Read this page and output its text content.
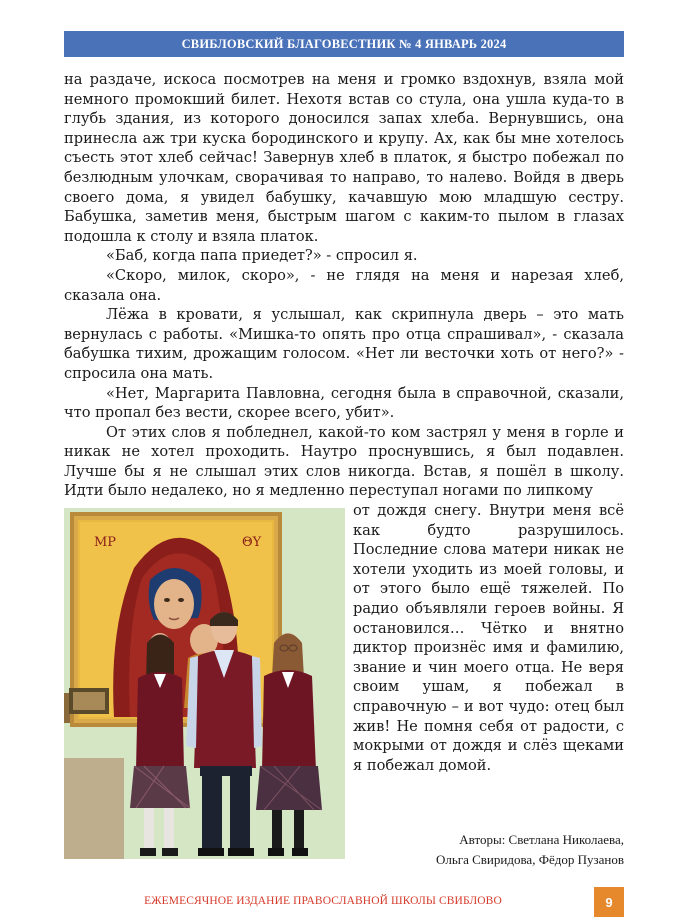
СВИБЛОВСКИЙ БЛАГОВЕСТНИК № 4 ЯНВАРЬ 2024

на раздаче, искоса посмотрев на меня и громко вздохнув, взяла мой немного промокший билет. Нехотя встав со стула, она ушла куда-то в глубь здания, из которого доносился запах хлеба. Вернувшись, она принесла аж три куска бородинского и крупу. Ах, как бы мне хотелось съесть этот хлеб сейчас! Завернув хлеб в платок, я быстро побежал по безлюдным улочкам, сворачивая то направо, то налево. Войдя в дверь своего дома, я увидел бабушку, качавшую мою младшую сестру. Бабушка, заметив меня, быстрым шагом с каким-то пылом в глазах подошла к столу и взяла платок.

«Баб, когда папа приедет?» - спросил я.

«Скоро, милок, скоро», - не глядя на меня и нарезая хлеб, сказала она.

Лёжа в кровати, я услышал, как скрипнула дверь – это мать вернулась с работы. «Мишка-то опять про отца спрашивал», - сказала бабушка тихим, дрожащим голосом. «Нет ли весточки хоть от него?» - спросила она мать.

«Нет, Маргарита Павловна, сегодня была в справочной, сказали, что пропал без вести, скорее всего, убит».

От этих слов я побледнел, какой-то ком застрял у меня в горле и никак не хотел проходить. Наутро проснувшись, я был подавлен. Лучше бы я не слышал этих слов никогда. Встав, я пошёл в школу. Идти было недалеко, но я медленно переступал ногами по липкому

MP	ΘΥ

от дождя снегу. Внутри меня всё как будто разрушилось. Последние слова матери никак не хотели уходить из моей головы, и от этого было ещё тяжелей. По радио объявляли героев войны. Я остановился… Чётко и внятно диктор произнёс имя и фамилию, звание и чин моего отца. Не веря своим ушам, я побежал в справочную – и вот чудо: отец был жив! Не помня себя от радости, с мокрыми от дождя и слёз щеками я побежал домой.

Авторы: Светлана Николаева,
Ольга Свиридова, Фёдор Пузанов
ЕЖЕМЕСЯЧНОЕ ИЗДАНИЕ ПРАВОСЛАВНОЙ ШКОЛЫ СВИБЛОВО	9
